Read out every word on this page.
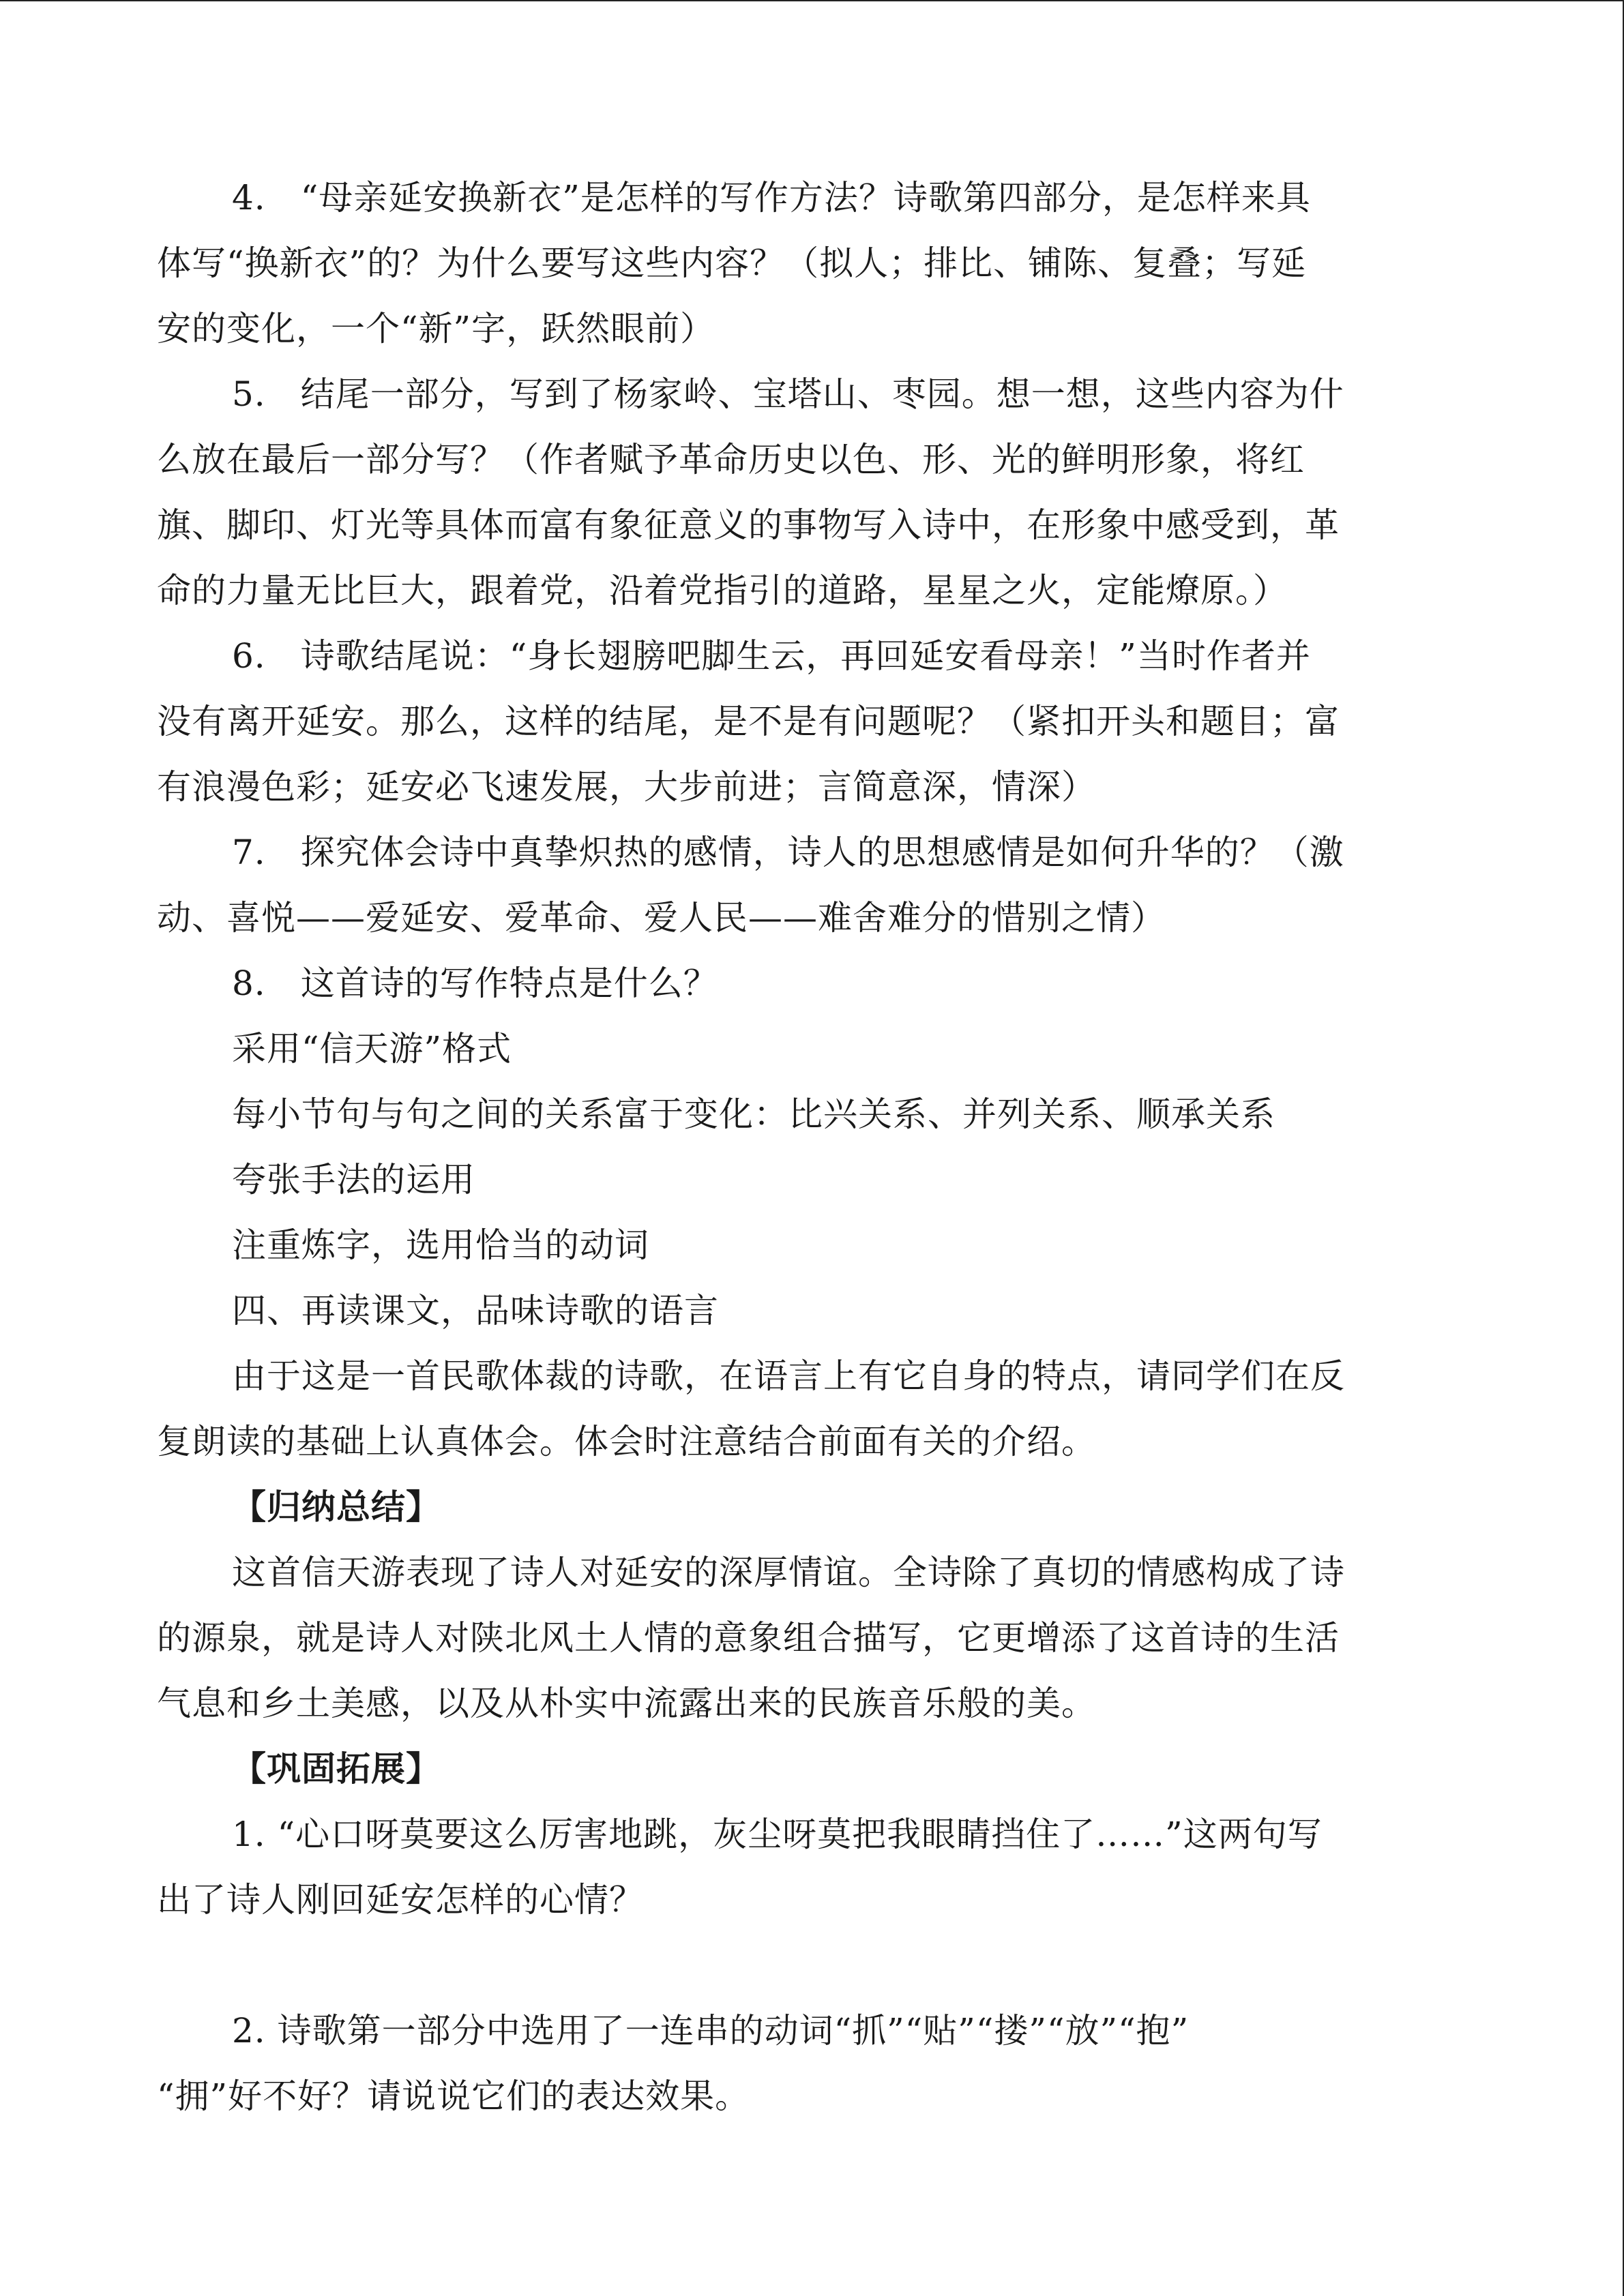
4.　“母亲延安换新衣”是怎样的写作方法？诗歌第四部分，是怎样来具

体写“换新衣”的？为什么要写这些内容？（拟人；排比、铺陈、复叠；写延

安的变化，一个“新”字，跃然眼前）

5.　结尾一部分，写到了杨家岭、宝塔山、枣园。想一想，这些内容为什

么放在最后一部分写？（作者赋予革命历史以色、形、光的鲜明形象，将红

旗、脚印、灯光等具体而富有象征意义的事物写入诗中，在形象中感受到，革

命的力量无比巨大，跟着党，沿着党指引的道路，星星之火，定能燎原。）

6.　诗歌结尾说：“身长翅膀吧脚生云，再回延安看母亲！”当时作者并

没有离开延安。那么，这样的结尾，是不是有问题呢？（紧扣开头和题目；富

有浪漫色彩；延安必飞速发展，大步前进；言简意深，情深）

7.　探究体会诗中真挚炽热的感情，诗人的思想感情是如何升华的？（激

动、喜悦——爱延安、爱革命、爱人民——难舍难分的惜别之情）

8.　这首诗的写作特点是什么？

采用“信天游”格式

每小节句与句之间的关系富于变化：比兴关系、并列关系、顺承关系

夸张手法的运用

注重炼字，选用恰当的动词

四、再读课文，品味诗歌的语言

由于这是一首民歌体裁的诗歌，在语言上有它自身的特点，请同学们在反

复朗读的基础上认真体会。体会时注意结合前面有关的介绍。

【归纳总结】

这首信天游表现了诗人对延安的深厚情谊。全诗除了真切的情感构成了诗

的源泉，就是诗人对陕北风土人情的意象组合描写，它更增添了这首诗的生活

气息和乡土美感，以及从朴实中流露出来的民族音乐般的美。

【巩固拓展】

1. “心口呀莫要这么厉害地跳，灰尘呀莫把我眼睛挡住了……”这两句写

出了诗人刚回延安怎样的心情？

2. 诗歌第一部分中选用了一连串的动词“抓”“贴”“搂”“放”“抱”

“拥”好不好？请说说它们的表达效果。
